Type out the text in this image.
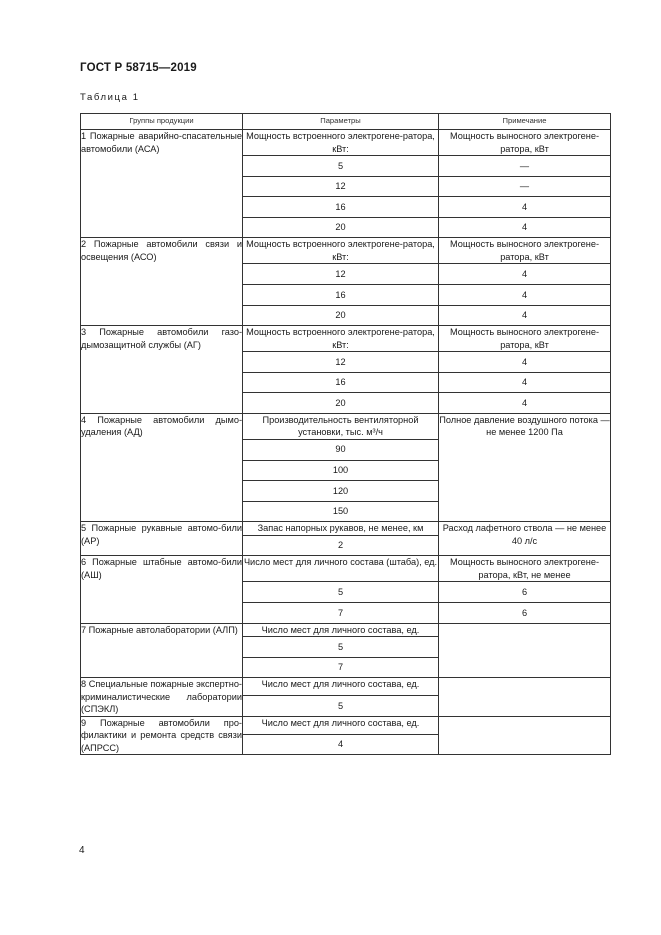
ГОСТ Р 58715—2019
Таблица 1
Группы продукции	Параметры	Примечание

1 Пожарные аварийно-спасательные автомобили (АСА)	Мощность встроенного электрогене-ратора, кВт:	Мощность выносного электрогене-ратора, кВт
	5	—
	12	—
	16	4
	20	4

2 Пожарные автомобили связи и освещения (АСО)	Мощность встроенного электрогене-ратора, кВт:	Мощность выносного электрогене-ратора, кВт
	12	4
	16	4
	20	4

3 Пожарные автомобили газо-дымозащитной службы (АГ)	Мощность встроенного электрогене-ратора, кВт:	Мощность выносного электрогене-ратора, кВт
	12	4
	16	4
	20	4

4 Пожарные автомобили дымо-удаления (АД)	Производительность вентиляторной установки, тыс. м³/ч	Полное давление воздушного потока — не менее 1200 Па
	90	
	100	
	120	
	150	

5 Пожарные рукавные автомо-били (АР)	Запас напорных рукавов, не менее, км	Расход лафетного ствола — не менее 40 л/с
	2	

6 Пожарные штабные автомо-били (АШ)	Число мест для личного состава (штаба), ед.	Мощность выносного электрогене-ратора, кВт, не менее
	5	6
	7	6

7 Пожарные автолаборатории (АЛП)	Число мест для личного состава, ед.	
	5	
	7	

8 Специальные пожарные экспертно-криминалистические лаборатории (СПЭКЛ)	Число мест для личного состава, ед.	
	5	

9 Пожарные автомобили про-филактики и ремонта средств связи (АПРСС)	Число мест для личного состава, ед.	
	4	
4
